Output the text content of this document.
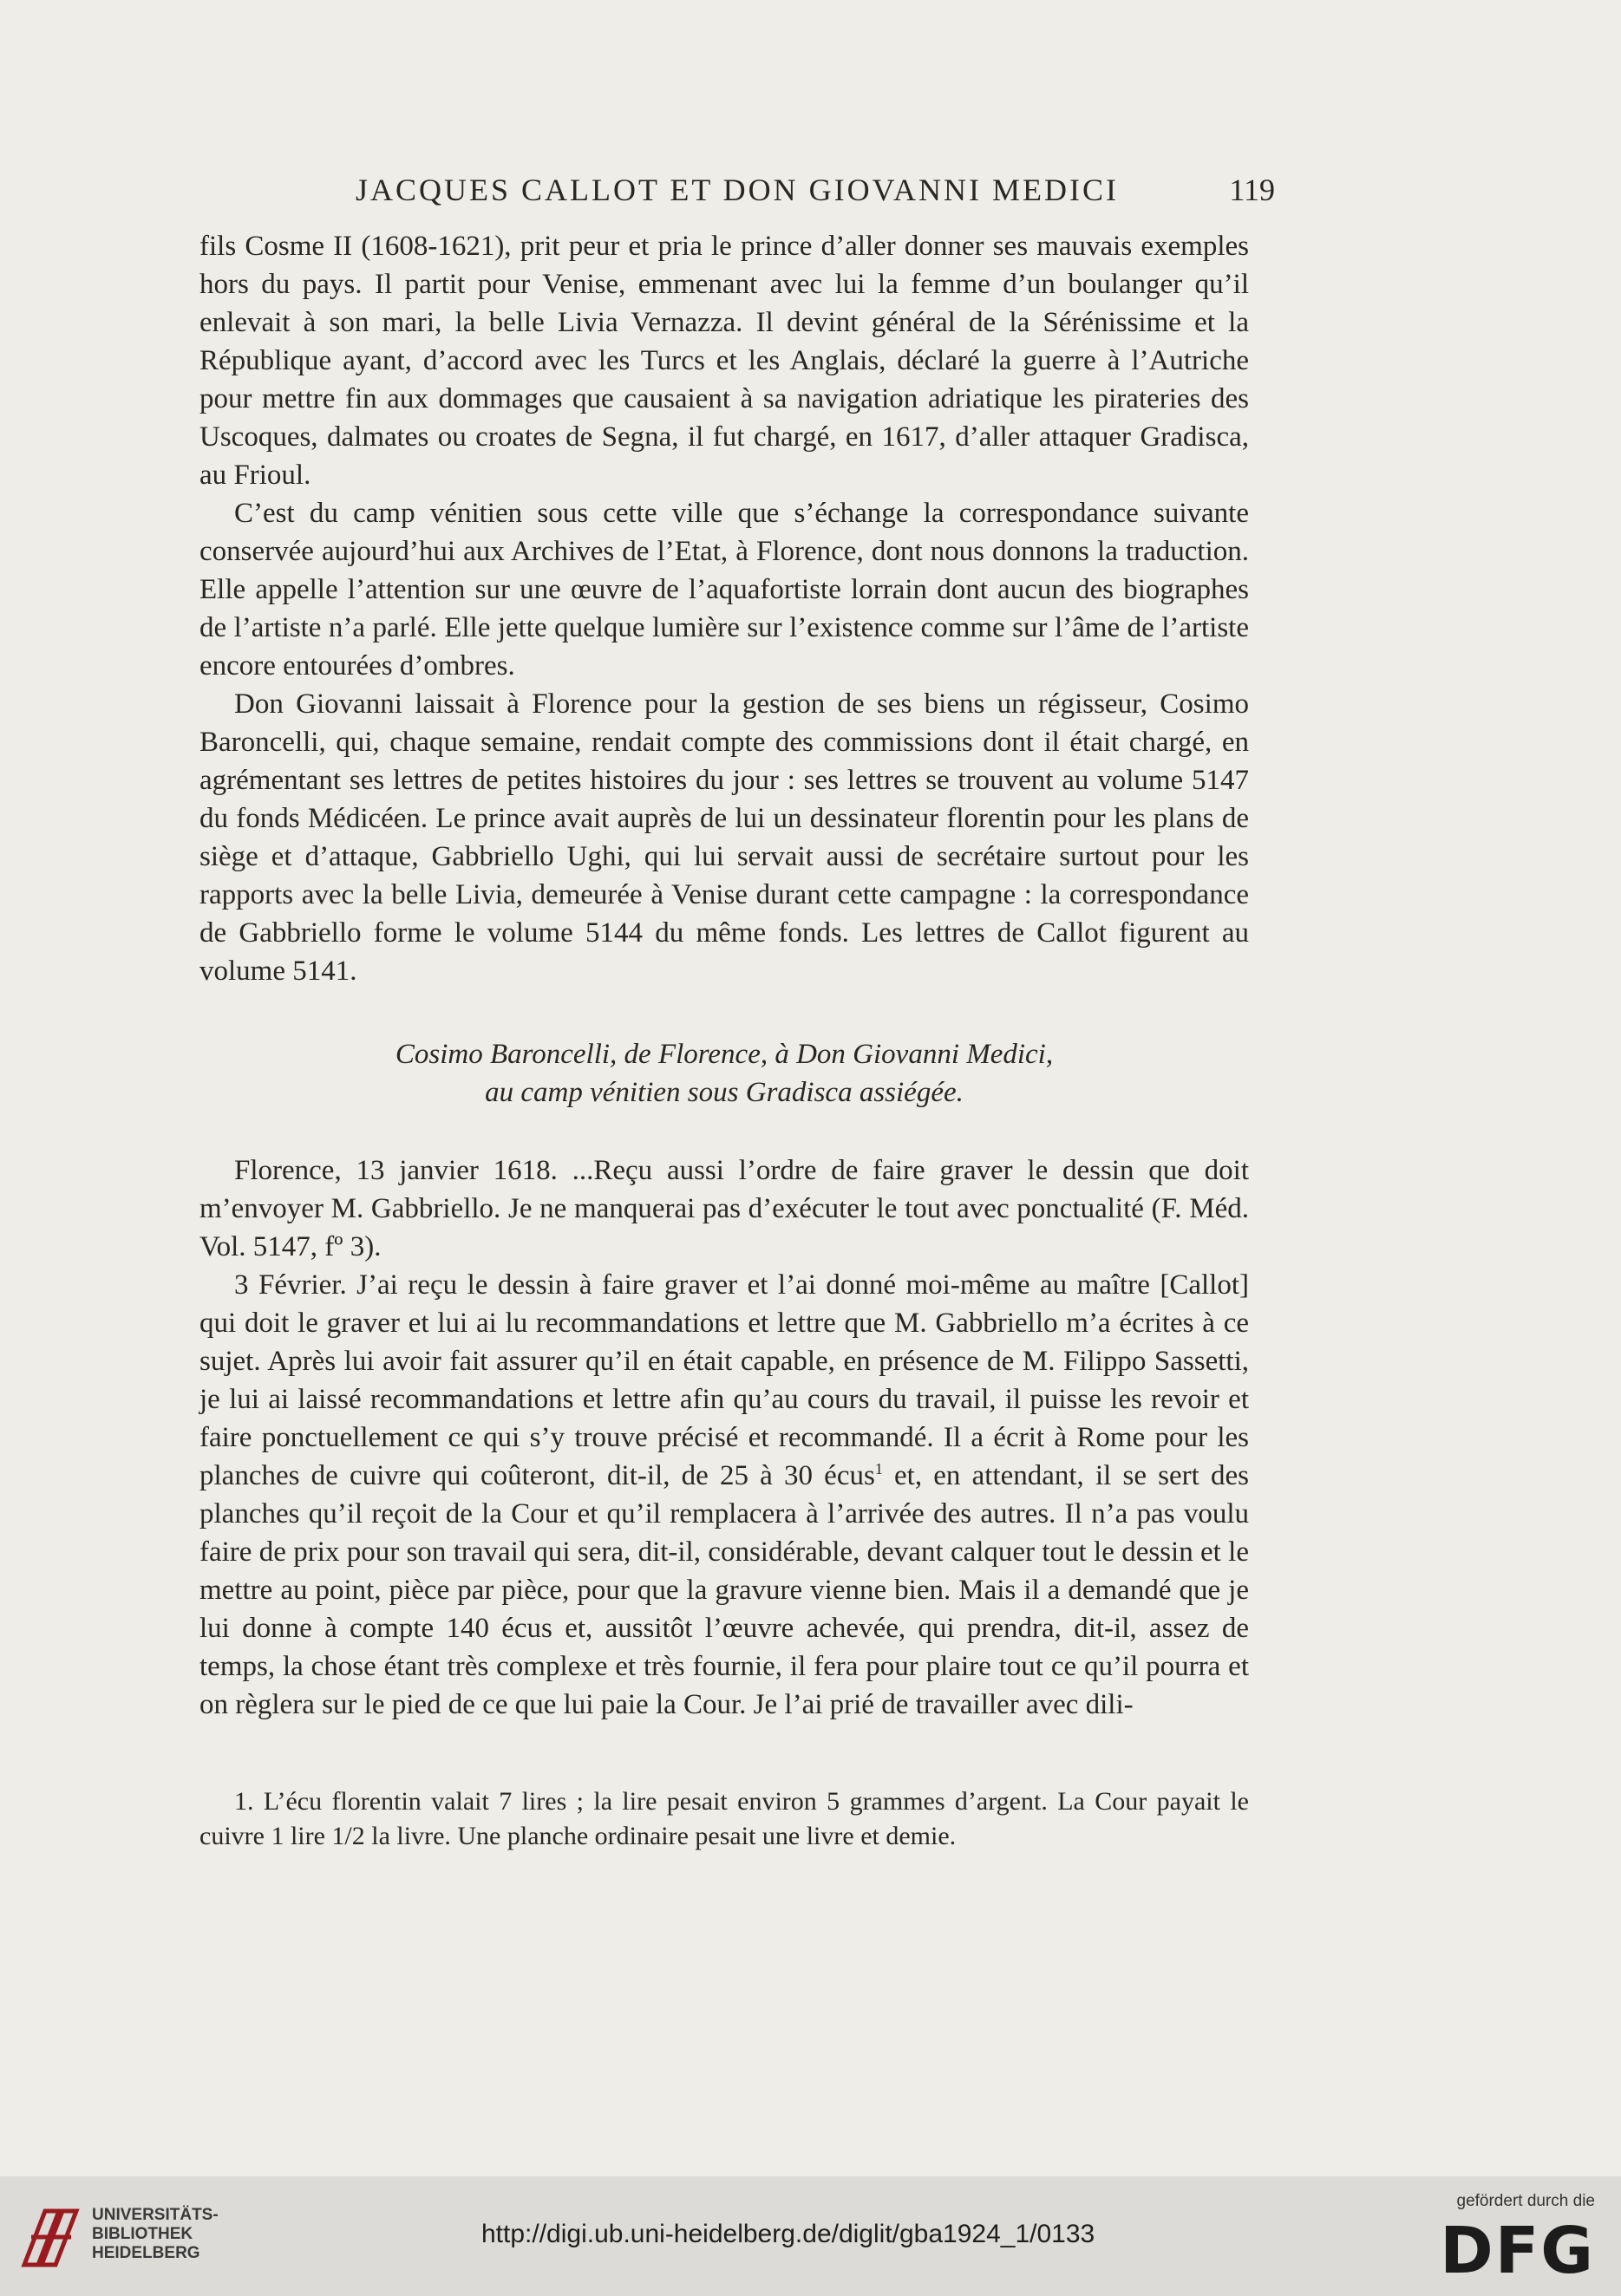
JACQUES CALLOT ET DON GIOVANNI MEDICI	119

fils Cosme II (1608-1621), prit peur et pria le prince d’aller donner ses mauvais exemples hors du pays. Il partit pour Venise, emmenant avec lui la femme d’un boulanger qu’il enlevait à son mari, la belle Livia Vernazza. Il devint général de la Sérénissime et la République ayant, d’accord avec les Turcs et les Anglais, déclaré la guerre à l’Autriche pour mettre fin aux dommages que causaient à sa navigation adriatique les pirateries des Uscoques, dalmates ou croates de Segna, il fut chargé, en 1617, d’aller attaquer Gradisca, au Frioul.

C’est du camp vénitien sous cette ville que s’échange la correspondance suivante conservée aujourd’hui aux Archives de l’Etat, à Florence, dont nous donnons la traduction. Elle appelle l’attention sur une œuvre de l’aquafortiste lorrain dont aucun des biographes de l’artiste n’a parlé. Elle jette quelque lumière sur l’existence comme sur l’âme de l’artiste encore entourées d’ombres.

Don Giovanni laissait à Florence pour la gestion de ses biens un régisseur, Cosimo Baroncelli, qui, chaque semaine, rendait compte des commissions dont il était chargé, en agrémentant ses lettres de petites histoires du jour : ses lettres se trouvent au volume 5147 du fonds Médicéen. Le prince avait auprès de lui un dessinateur florentin pour les plans de siège et d’attaque, Gabbriello Ughi, qui lui servait aussi de secrétaire surtout pour les rapports avec la belle Livia, demeurée à Venise durant cette campagne : la correspondance de Gabbriello forme le volume 5144 du même fonds. Les lettres de Callot figurent au volume 5141.

Cosimo Baroncelli, de Florence, à Don Giovanni Medici,
au camp vénitien sous Gradisca assiégée.

Florence, 13 janvier 1618. ...Reçu aussi l’ordre de faire graver le dessin que doit m’envoyer M. Gabbriello. Je ne manquerai pas d’exécuter le tout avec ponctualité (F. Méd. Vol. 5147, fº 3).

3 Février. J’ai reçu le dessin à faire graver et l’ai donné moi-même au maître [Callot] qui doit le graver et lui ai lu recommandations et lettre que M. Gabbriello m’a écrites à ce sujet. Après lui avoir fait assurer qu’il en était capable, en présence de M. Filippo Sassetti, je lui ai laissé recommandations et lettre afin qu’au cours du travail, il puisse les revoir et faire ponctuellement ce qui s’y trouve précisé et recommandé. Il a écrit à Rome pour les planches de cuivre qui coûteront, dit-il, de 25 à 30 écus$^1$ et, en attendant, il se sert des planches qu’il reçoit de la Cour et qu’il remplacera à l’arrivée des autres. Il n’a pas voulu faire de prix pour son travail qui sera, dit-il, considérable, devant calquer tout le dessin et le mettre au point, pièce par pièce, pour que la gravure vienne bien. Mais il a demandé que je lui donne à compte 140 écus et, aussitôt l’œuvre achevée, qui prendra, dit-il, assez de temps, la chose étant très complexe et très fournie, il fera pour plaire tout ce qu’il pourra et on règlera sur le pied de ce que lui paie la Cour. Je l’ai prié de travailler avec dili-

1. L’écu florentin valait 7 lires ; la lire pesait environ 5 grammes d’argent. La Cour payait le cuivre 1 lire 1/2 la livre. Une planche ordinaire pesait une livre et demie.

UNIVERSITÄTS-
BIBLIOTHEK
HEIDELBERG
http://digi.ub.uni-heidelberg.de/diglit/gba1924_1/0133
gefördert durch die
DFG
